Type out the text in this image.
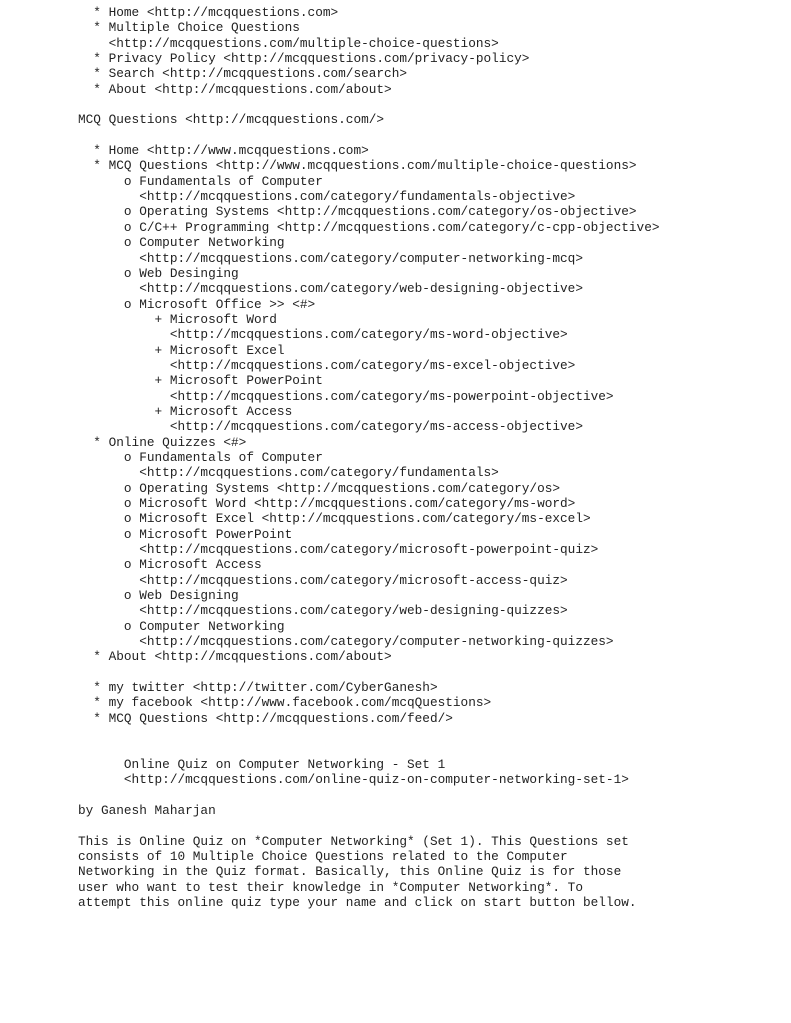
* Home <http://mcqquestions.com>
* Multiple Choice Questions
<http://mcqquestions.com/multiple-choice-questions>
* Privacy Policy <http://mcqquestions.com/privacy-policy>
* Search <http://mcqquestions.com/search>
* About <http://mcqquestions.com/about>
MCQ Questions <http://mcqquestions.com/>
* Home <http://www.mcqquestions.com>
* MCQ Questions <http://www.mcqquestions.com/multiple-choice-questions>
o Fundamentals of Computer
<http://mcqquestions.com/category/fundamentals-objective>
o Operating Systems <http://mcqquestions.com/category/os-objective>
o C/C++ Programming <http://mcqquestions.com/category/c-cpp-objective>
o Computer Networking
<http://mcqquestions.com/category/computer-networking-mcq>
o Web Desinging
<http://mcqquestions.com/category/web-designing-objective>
o Microsoft Office >> <#>
+ Microsoft Word
<http://mcqquestions.com/category/ms-word-objective>
+ Microsoft Excel
<http://mcqquestions.com/category/ms-excel-objective>
+ Microsoft PowerPoint
<http://mcqquestions.com/category/ms-powerpoint-objective>
+ Microsoft Access
<http://mcqquestions.com/category/ms-access-objective>
* Online Quizzes <#>
o Fundamentals of Computer
<http://mcqquestions.com/category/fundamentals>
o Operating Systems <http://mcqquestions.com/category/os>
o Microsoft Word <http://mcqquestions.com/category/ms-word>
o Microsoft Excel <http://mcqquestions.com/category/ms-excel>
o Microsoft PowerPoint
<http://mcqquestions.com/category/microsoft-powerpoint-quiz>
o Microsoft Access
<http://mcqquestions.com/category/microsoft-access-quiz>
o Web Designing
<http://mcqquestions.com/category/web-designing-quizzes>
o Computer Networking
<http://mcqquestions.com/category/computer-networking-quizzes>
* About <http://mcqquestions.com/about>
* my twitter <http://twitter.com/CyberGanesh>
* my facebook <http://www.facebook.com/mcqQuestions>
* MCQ Questions <http://mcqquestions.com/feed/>
Online Quiz on Computer Networking - Set 1
<http://mcqquestions.com/online-quiz-on-computer-networking-set-1>
by Ganesh Maharjan
This is Online Quiz on *Computer Networking* (Set 1). This Questions set
consists of 10 Multiple Choice Questions related to the Computer
Networking in the Quiz format. Basically, this Online Quiz is for those
user who want to test their knowledge in *Computer Networking*. To
attempt this online quiz type your name and click on start button bellow.
